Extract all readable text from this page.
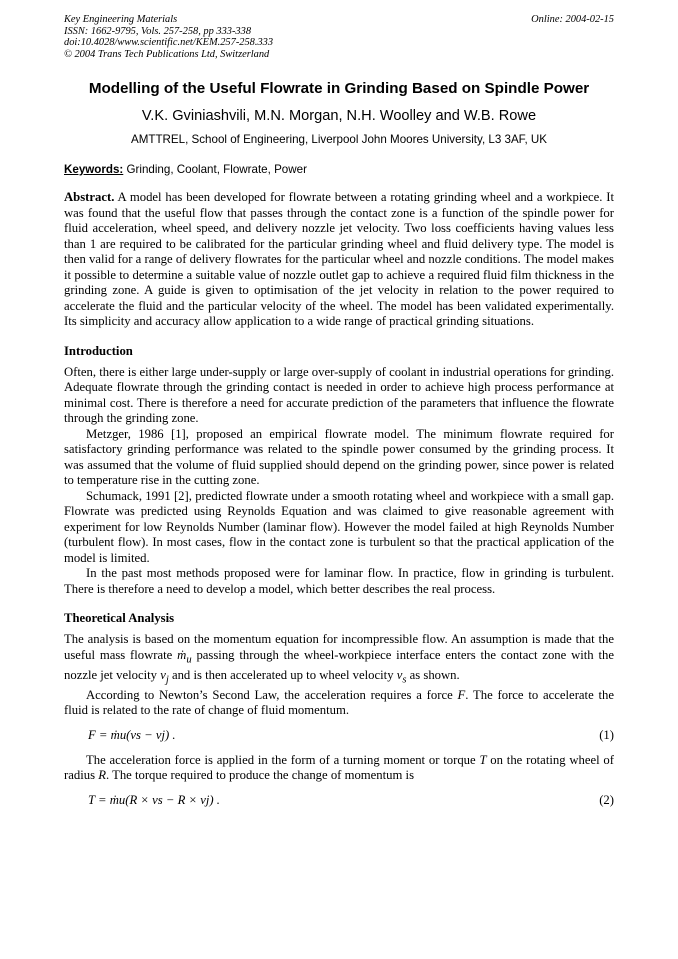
Key Engineering Materials
ISSN: 1662-9795, Vols. 257-258, pp 333-338
doi:10.4028/www.scientific.net/KEM.257-258.333
© 2004 Trans Tech Publications Ltd, Switzerland
Online: 2004-02-15
Modelling of the Useful Flowrate in Grinding Based on Spindle Power
V.K. Gviniashvili, M.N. Morgan, N.H. Woolley and W.B. Rowe
AMTTREL, School of Engineering, Liverpool John Moores University, L3 3AF, UK
Keywords: Grinding, Coolant, Flowrate, Power

Abstract. A model has been developed for flowrate between a rotating grinding wheel and a workpiece. It was found that the useful flow that passes through the contact zone is a function of the spindle power for fluid acceleration, wheel speed, and delivery nozzle jet velocity. Two loss coefficients having values less than 1 are required to be calibrated for the particular grinding wheel and fluid delivery type. The model is then valid for a range of delivery flowrates for the particular wheel and nozzle conditions. The model makes it possible to determine a suitable value of nozzle outlet gap to achieve a required fluid film thickness in the grinding zone. A guide is given to optimisation of the jet velocity in relation to the power required to accelerate the fluid and the particular velocity of the wheel. The model has been validated experimentally. Its simplicity and accuracy allow application to a wide range of practical grinding situations.

Introduction

Often, there is either large under-supply or large over-supply of coolant in industrial operations for grinding. Adequate flowrate through the grinding contact is needed in order to achieve high process performance at minimal cost. There is therefore a need for accurate prediction of the parameters that influence the flowrate through the grinding zone.

Metzger, 1986 [1], proposed an empirical flowrate model. The minimum flowrate required for satisfactory grinding performance was related to the spindle power consumed by the grinding process. It was assumed that the volume of fluid supplied should depend on the grinding power, since power is related to temperature rise in the cutting zone.

Schumack, 1991 [2], predicted flowrate under a smooth rotating wheel and workpiece with a small gap. Flowrate was predicted using Reynolds Equation and was claimed to give reasonable agreement with experiment for low Reynolds Number (laminar flow). However the model failed at high Reynolds Number (turbulent flow). In most cases, flow in the contact zone is turbulent so that the practical application of the model is limited.

In the past most methods proposed were for laminar flow. In practice, flow in grinding is turbulent. There is therefore a need to develop a model, which better describes the real process.

Theoretical Analysis

The analysis is based on the momentum equation for incompressible flow. An assumption is made that the useful mass flowrate ṁ$_u$ passing through the wheel-workpiece interface enters the contact zone with the nozzle jet velocity $v_j$ and is then accelerated up to wheel velocity $v_s$ as shown.

According to Newton’s Second Law, the acceleration requires a force F. The force to accelerate the fluid is related to the rate of change of fluid momentum.

F = ṁu(vs − vj) .	(1)

The acceleration force is applied in the form of a turning moment or torque T on the rotating wheel of radius R. The torque required to produce the change of momentum is

T = ṁu(R × vs − R × vj) .	(2)
